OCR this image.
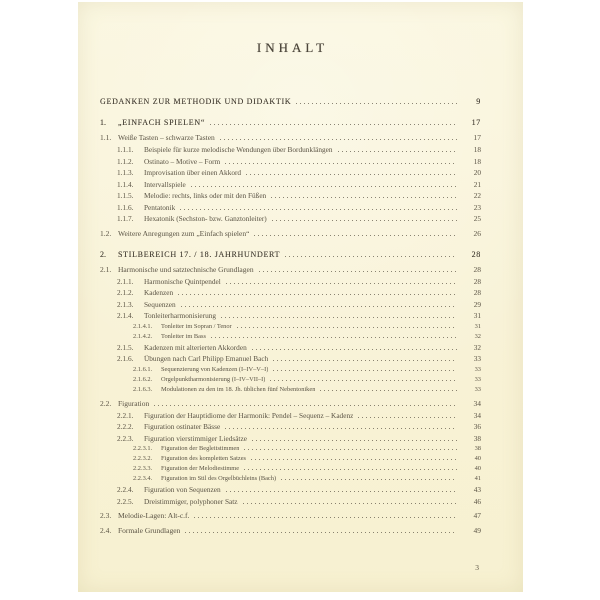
INHALT
GEDANKEN ZUR METHODIK UND DIDAKTIK	9
1.	„EINFACH SPIELEN“	17
1.1. Weiße Tasten – schwarze Tasten	17
1.1.1.	Beispiele für kurze melodische Wendungen über Bordunklängen	18
1.1.2.	Ostinato – Motive – Form	18
1.1.3.	Improvisation über einen Akkord	20
1.1.4.	Intervallspiele	21
1.1.5.	Melodie: rechts, links oder mit den Füßen	22
1.1.6.	Pentatonik	23
1.1.7.	Hexatonik (Sechston- bzw. Ganztonleiter)	25
1.2. Weitere Anregungen zum „Einfach spielen“	26
2.	STILBEREICH 17. / 18. JAHRHUNDERT	28
2.1. Harmonische und satztechnische Grundlagen	28
2.1.1.	Harmonische Quintpendel	28
2.1.2.	Kadenzen	28
2.1.3.	Sequenzen	29
2.1.4.	Tonleiterharmonisierung	31
2.1.4.1.	Tonleiter im Sopran / Tenor	31
2.1.4.2.	Tonleiter im Bass	32
2.1.5.	Kadenzen mit alterierten Akkorden	32
2.1.6.	Übungen nach Carl Philipp Emanuel Bach	33
2.1.6.1.	Sequenzierung von Kadenzen (I–IV–V–I)	33
2.1.6.2.	Orgelpunktharmonisierung (I–IV–VII–I)	33
2.1.6.3.	Modulationen zu den im 18. Jh. üblichen fünf Nebentoniken	33
2.2. Figuration	34
2.2.1.	Figuration der Hauptidiome der Harmonik: Pendel – Sequenz – Kadenz	34
2.2.2.	Figuration ostinater Bässe	36
2.2.3.	Figuration vierstimmiger Liedsätze	38
2.2.3.1.	Figuration der Begleitstimmen	38
2.2.3.2.	Figuration des kompletten Satzes	40
2.2.3.3.	Figuration der Melodiestimme	40
2.2.3.4.	Figuration im Stil des Orgelbüchleins (Bach)	41
2.2.4.	Figuration von Sequenzen	43
2.2.5.	Dreistimmiger, polyphoner Satz	46
2.3. Melodie-Lagen: Alt-c.f.	47
2.4. Formale Grundlagen	49
3
